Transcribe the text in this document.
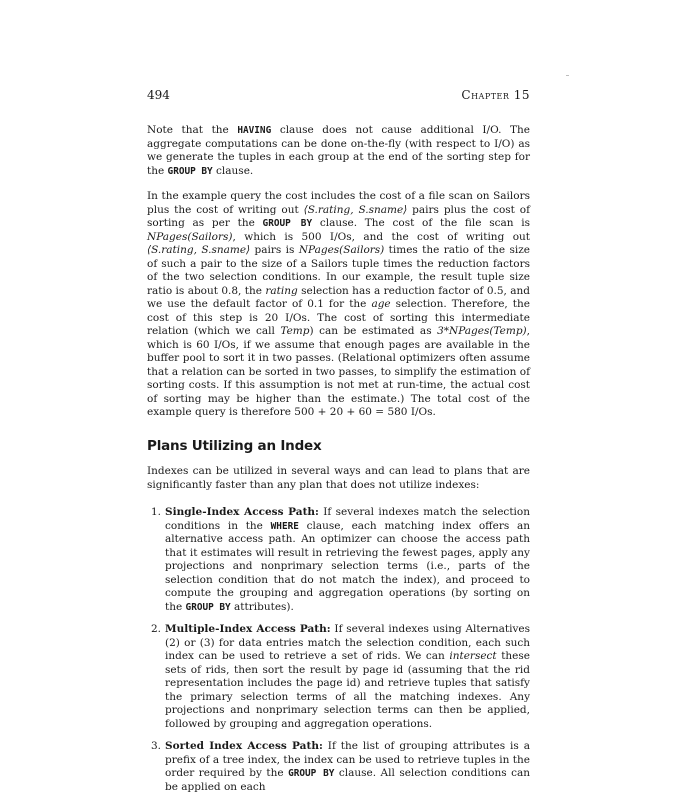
494	Chapter 15

Note that the HAVING clause does not cause additional I/O. The aggregate computations can be done on-the-fly (with respect to I/O) as we generate the tuples in each group at the end of the sorting step for the GROUP BY clause.

In the example query the cost includes the cost of a file scan on Sailors plus the cost of writing out ⟨S.rating, S.sname⟩ pairs plus the cost of sorting as per the GROUP BY clause. The cost of the file scan is NPages(Sailors), which is 500 I/Os, and the cost of writing out ⟨S.rating, S.sname⟩ pairs is NPages(Sailors) times the ratio of the size of such a pair to the size of a Sailors tuple times the reduction factors of the two selection conditions. In our example, the result tuple size ratio is about 0.8, the rating selection has a reduction factor of 0.5, and we use the default factor of 0.1 for the age selection. Therefore, the cost of this step is 20 I/Os. The cost of sorting this intermediate relation (which we call Temp) can be estimated as 3*NPages(Temp), which is 60 I/Os, if we assume that enough pages are available in the buffer pool to sort it in two passes. (Relational optimizers often assume that a relation can be sorted in two passes, to simplify the estimation of sorting costs. If this assumption is not met at run-time, the actual cost of sorting may be higher than the estimate.) The total cost of the example query is therefore 500 + 20 + 60 = 580 I/Os.

Plans Utilizing an Index

Indexes can be utilized in several ways and can lead to plans that are significantly faster than any plan that does not utilize indexes:

1. Single-Index Access Path: If several indexes match the selection conditions in the WHERE clause, each matching index offers an alternative access path. An optimizer can choose the access path that it estimates will result in retrieving the fewest pages, apply any projections and nonprimary selection terms (i.e., parts of the selection condition that do not match the index), and proceed to compute the grouping and aggregation operations (by sorting on the GROUP BY attributes).
2. Multiple-Index Access Path: If several indexes using Alternatives (2) or (3) for data entries match the selection condition, each such index can be used to retrieve a set of rids. We can intersect these sets of rids, then sort the result by page id (assuming that the rid representation includes the page id) and retrieve tuples that satisfy the primary selection terms of all the matching indexes. Any projections and nonprimary selection terms can then be applied, followed by grouping and aggregation operations.
3. Sorted Index Access Path: If the list of grouping attributes is a prefix of a tree index, the index can be used to retrieve tuples in the order required by the GROUP BY clause. All selection conditions can be applied on each
